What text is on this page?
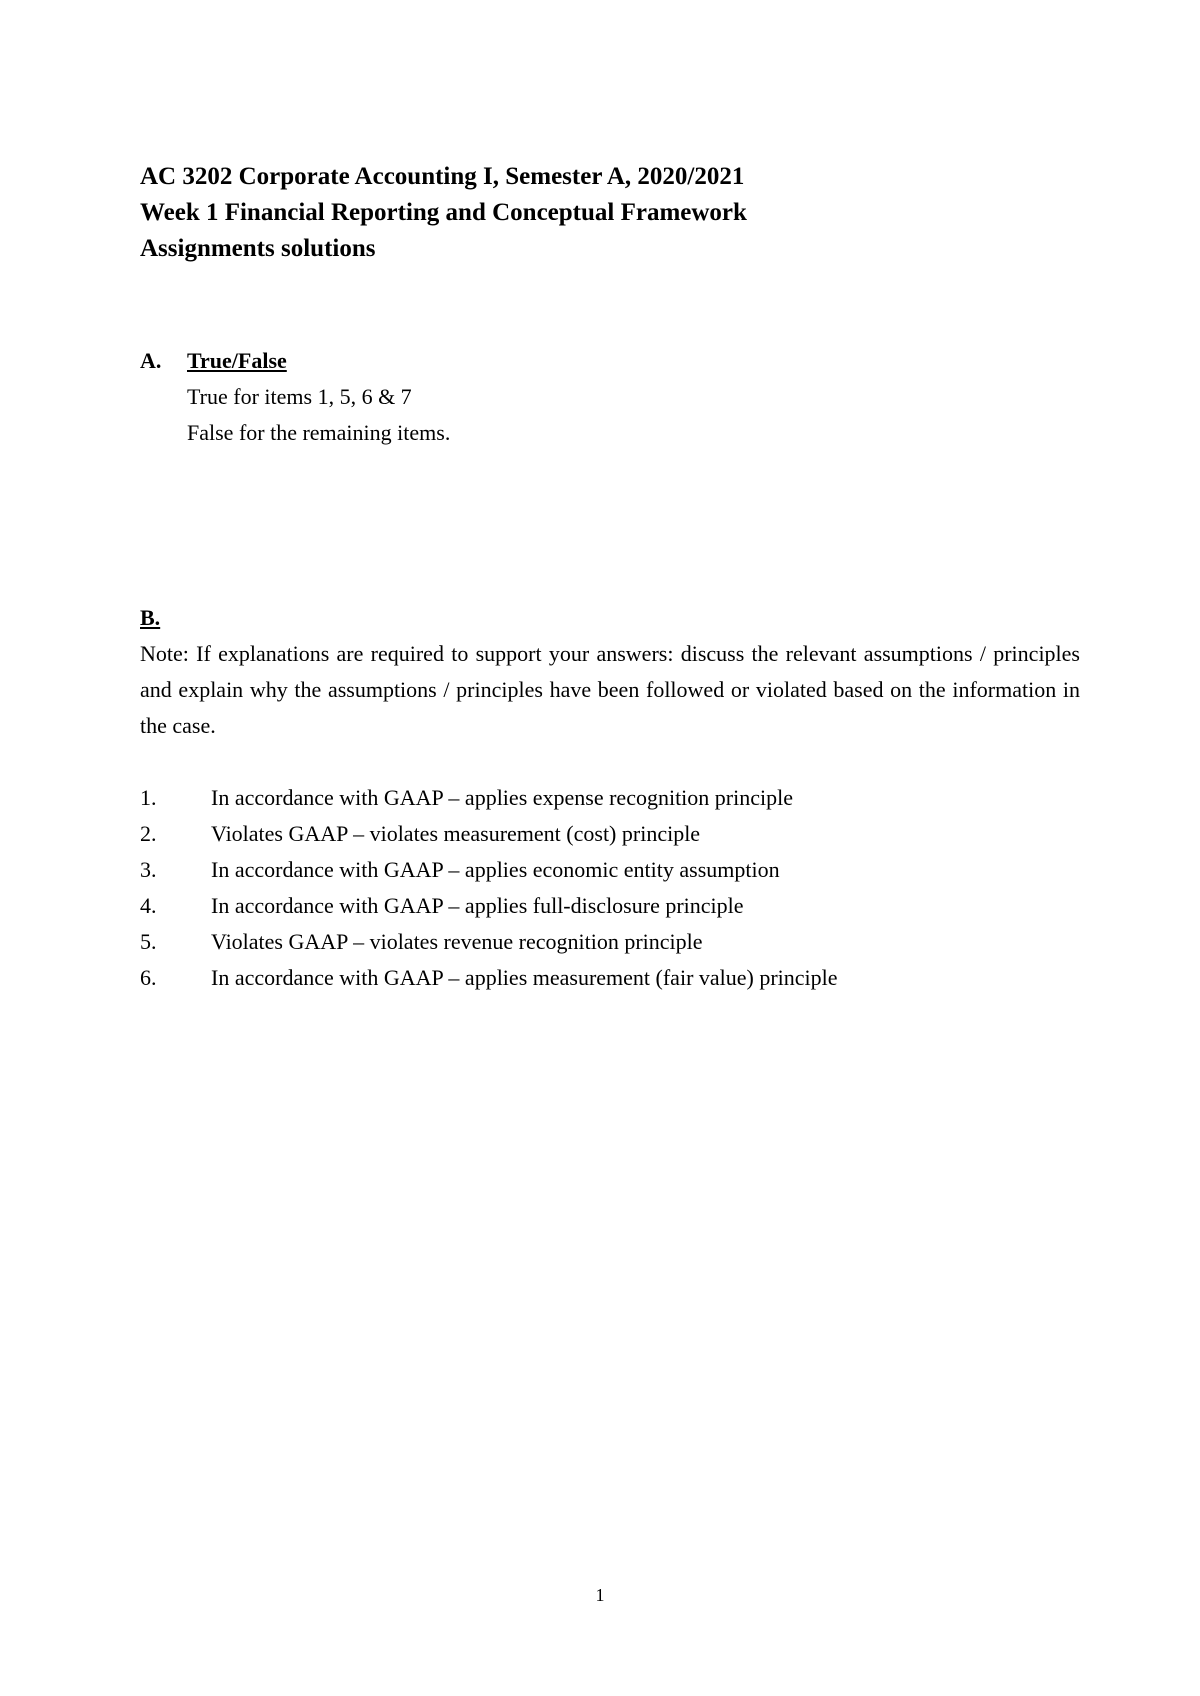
AC 3202 Corporate Accounting I, Semester A, 2020/2021
Week 1 Financial Reporting and Conceptual Framework
Assignments solutions
A.	True/False
True for items 1, 5, 6 & 7
False for the remaining items.
B.

Note: If explanations are required to support your answers: discuss the relevant assumptions / principles and explain why the assumptions / principles have been followed or violated based on the information in the case.

1.	In accordance with GAAP – applies expense recognition principle
2.	Violates GAAP – violates measurement (cost) principle
3.	In accordance with GAAP – applies economic entity assumption
4.	In accordance with GAAP – applies full-disclosure principle
5.	Violates GAAP – violates revenue recognition principle
6.	In accordance with GAAP – applies measurement (fair value) principle
1
